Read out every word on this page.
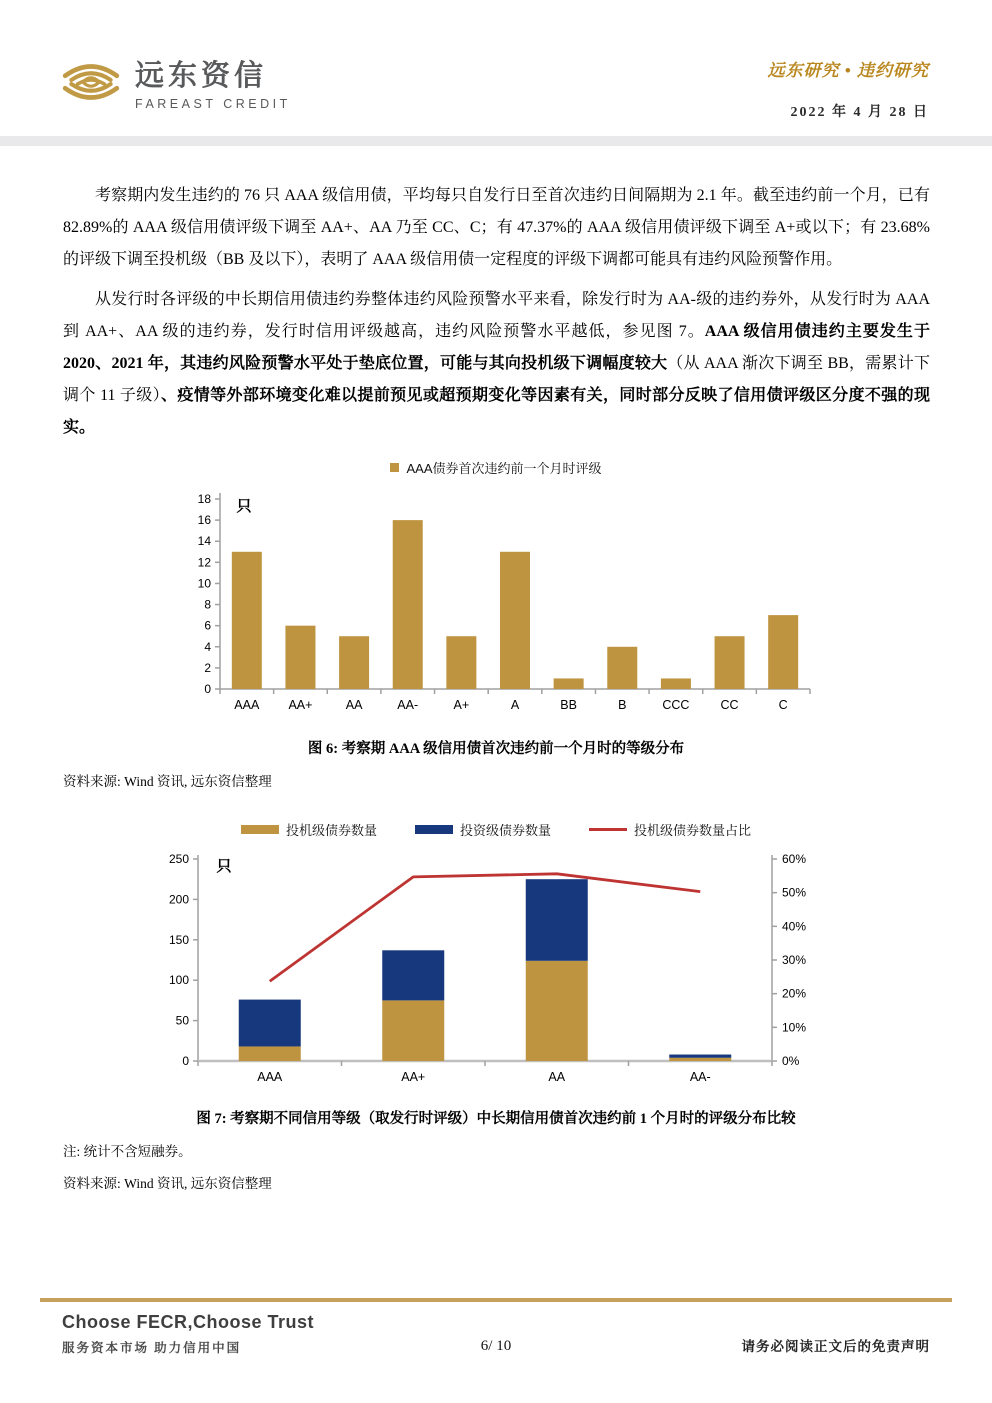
远东资信
FAREAST CREDIT
远东研究 • 违约研究
2022 年 4 月 28 日

考察期内发生违约的 76 只 AAA 级信用债，平均每只自发行日至首次违约日间隔期为 2.1 年。截至违约前一个月，已有 82.89%的 AAA 级信用债评级下调至 AA+、AA 乃至 CC、C；有 47.37%的 AAA 级信用债评级下调至 A+或以下；有 23.68%的评级下调至投机级（BB 及以下），表明了 AAA 级信用债一定程度的评级下调都可能具有违约风险预警作用。

从发行时各评级的中长期信用债违约券整体违约风险预警水平来看，除发行时为 AA-级的违约券外，从发行时为 AAA 到 AA+、AA 级的违约券，发行时信用评级越高，违约风险预警水平越低，参见图 7。AAA 级信用债违约主要发生于 2020、2021 年，其违约风险预警水平处于垫底位置，可能与其向投机级下调幅度较大（从 AAA 渐次下调至 BB，需累计下调个 11 子级）、疫情等外部环境变化难以提前预见或超预期变化等因素有关，同时部分反映了信用债评级区分度不强的现实。

AAA债券首次违约前一个月时评级
0
2
4
6
8
10
12
14
16
18
AAA AA+	AA	AA-	A+	A	BB	B	CCC CC	C
只
图 6: 考察期 AAA 级信用债首次违约前一个月时的等级分布
资料来源: Wind 资讯, 远东资信整理
投机级债券数量	投资级债券数量	投机级债券数量占比
0
50
100
150
200
250
0%
10%
20%
30%
40%
50%
60%
AAA	AA+	AA	AA-
只
图 7: 考察期不同信用等级（取发行时评级）中长期信用债首次违约前 1 个月时的评级分布比较
注: 统计不含短融券。
资料来源: Wind 资讯, 远东资信整理
Choose FECR,Choose Trust
服务资本市场 助力信用中国	6/ 10	请务必阅读正文后的免责声明
